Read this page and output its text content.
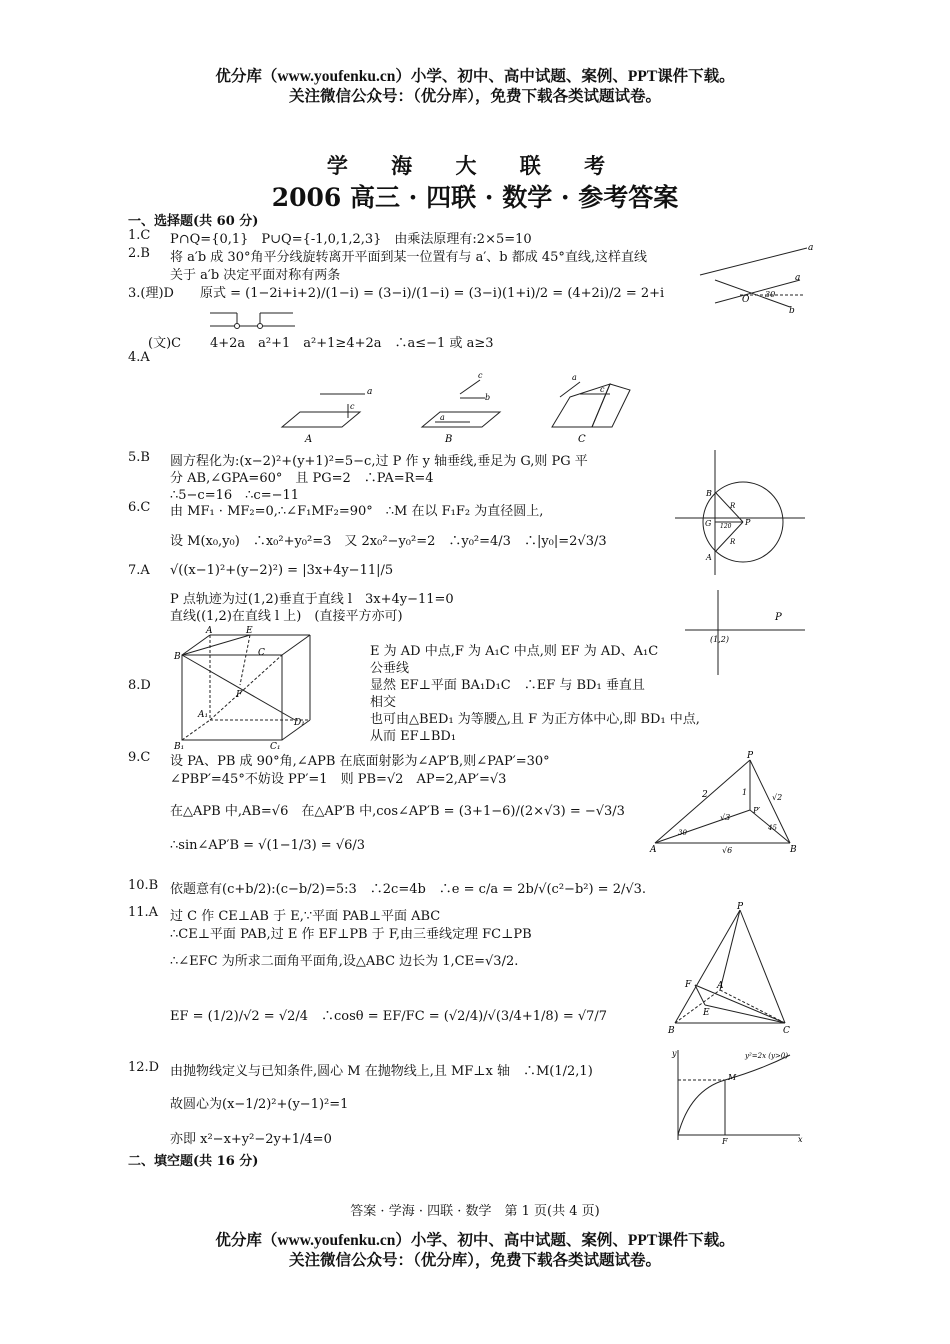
优分库（www.youfenku.cn）小学、初中、高中试题、案例、PPT课件下载。
关注微信公众号：（优分库），免费下载各类试题试卷。
学 海 大 联 考
2006 高三 · 四联 · 数学 · 参考答案
一、选择题(共 60 分)
1.C P∩Q={0,1}　P∪Q={-1,0,1,2,3}　由乘法原理有:2×5=10
2.B 将 a′b 成 30°角平分线旋转离开平面到某一位置有与 a′、b 都成 45°直线,这样直线
关于 a′b 决定平面对称有两条
a
a
b
O
30
3.(理)D 原式 = (1−2i+i+2)/(1−i) = (3−i)/(1−i) = (3−i)(1+i)/2 = (4+2i)/2 = 2+i
(文)C 4+2a　a²+1　a²+1≥4+2a　∴a≤−1 或 a≥3
4.A
a
c
A
c
b
a
B
a
c
C
5.B 圆方程化为:(x−2)²+(y+1)²=5−c,过 P 作 y 轴垂线,垂足为 G,则 PG 平
分 AB,∠GPA=60°　且 PG=2　∴PA=R=4
∴5−c=16　∴c=−11	B
G
A
P
R
R
120
6.C 由 MF₁ · MF₂=0,∴∠F₁MF₂=90°　∴M 在以 F₁F₂ 为直径圆上,
设 M(x₀,y₀)　∴x₀²+y₀²=3　又 2x₀²−y₀²=2　∴y₀²=4/3　∴|y₀|=2√3/3
7.A √((x−1)²+(y−2)²) = |3x+4y−11|/5
P 点轨迹为过(1,2)垂直于直线 l　3x+4y−11=0
直线((1,2)在直线 l 上)　(直接平方亦可)	P
(1,2)
8.D
A	E
B	C
F
A₁
D₁
B₁	C₁
E 为 AD 中点,F 为 A₁C 中点,则 EF 为 AD、A₁C
公垂线
显然 EF⊥平面 BA₁D₁C　∴EF 与 BD₁ 垂直且
相交
也可由△BED₁ 为等腰△,且 F 为正方体中心,即 BD₁ 中点,
从而 EF⊥BD₁
9.C 设 PA、PB 成 90°角,∠APB 在底面射影为∠AP′B,则∠PAP′=30°
∠PBP′=45°不妨设 PP′=1　则 PB=√2　AP=2,AP′=√3
在△APB 中,AB=√6　在△AP′B 中,cos∠AP′B = (3+1−6)/(2×√3) = −√3/3
∴sin∠AP′B = √(1−1/3) = √6/3
P
A	B
P′
2	1
√2
√3
√6
30
45
10.B 依题意有(c+b/2):(c−b/2)=5:3　∴2c=4b　∴e = c/a = 2b/√(c²−b²) = 2/√3.
11.A 过 C 作 CE⊥AB 于 E,∵平面 PAB⊥平面 ABC
∴CE⊥平面 PAB,过 E 作 EF⊥PB 于 F,由三垂线定理 FC⊥PB
∴∠EFC 为所求二面角平面角,设△ABC 边长为 1,CE=√3/2.
EF = (1/2)/√2 = √2/4　∴cosθ = EF/FC = (√2/4)/√(3/4+1/8) = √7/7
P
F	A
E
B	C
12.D 由抛物线定义与已知条件,圆心 M 在抛物线上,且 MF⊥x 轴　∴M(1/2,1)
故圆心为(x−1/2)²+(y−1)²=1
亦即 x²−x+y²−2y+1/4=0
M
F	x
y	y²=2x (y>0)
二、填空题(共 16 分)
答案 · 学海 · 四联 · 数学　第 1 页(共 4 页)
优分库（www.youfenku.cn）小学、初中、高中试题、案例、PPT课件下载。
关注微信公众号：（优分库），免费下载各类试题试卷。
